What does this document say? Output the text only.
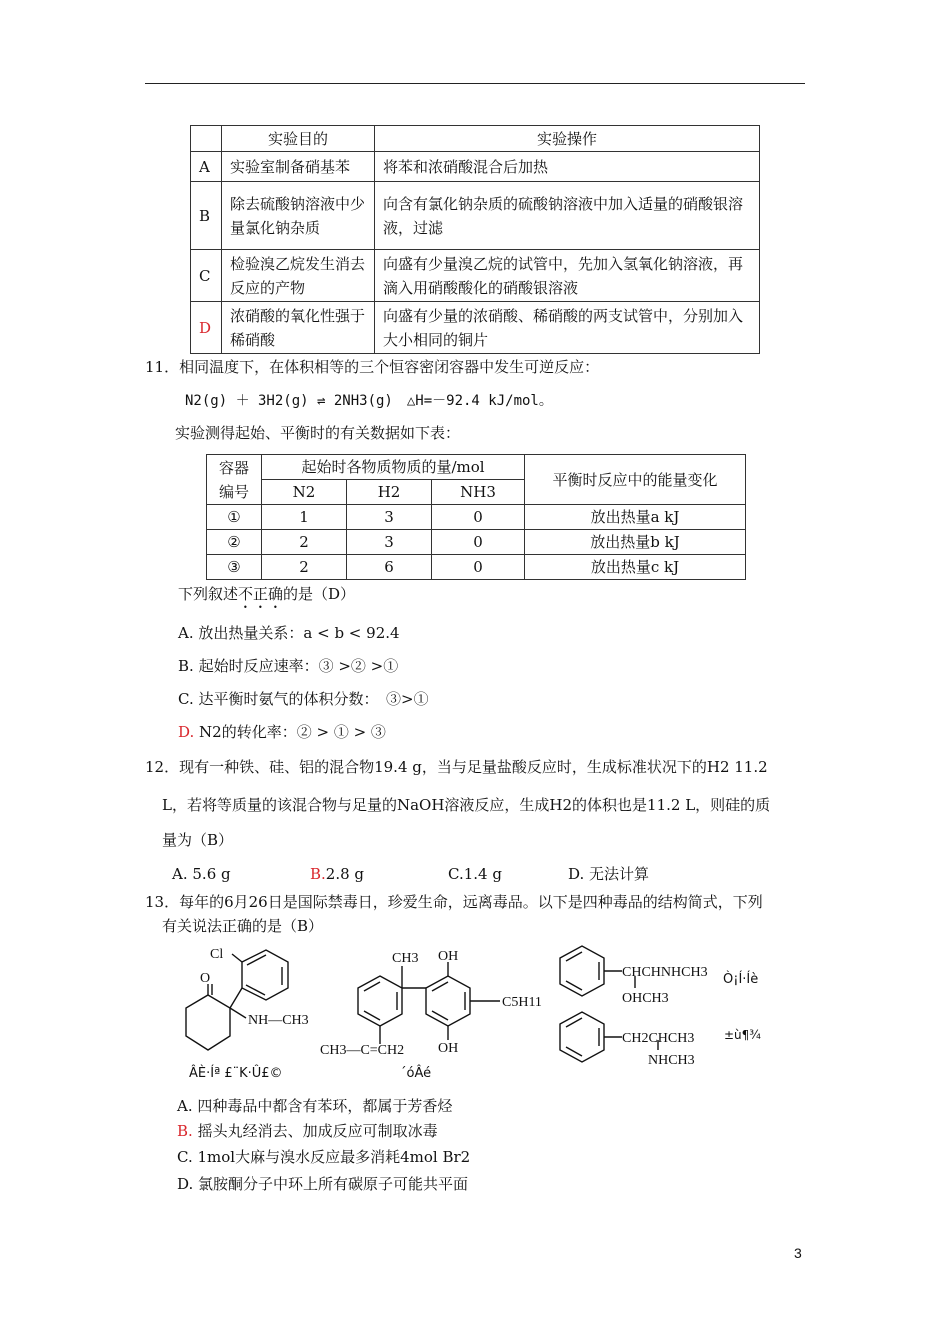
	实验目的	实验操作
A	实验室制备硝基苯	将苯和浓硝酸混合后加热
B	除去硫酸钠溶液中少量氯化钠杂质	向含有氯化钠杂质的硫酸钠溶液中加入适量的硝酸银溶液，过滤
C	检验溴乙烷发生消去反应的产物	向盛有少量溴乙烷的试管中，先加入氢氧化钠溶液，再滴入用硝酸酸化的硝酸银溶液
D	浓硝酸的氧化性强于稀硝酸	向盛有少量的浓硝酸、稀硝酸的两支试管中，分别加入大小相同的铜片
11．相同温度下，在体积相等的三个恒容密闭容器中发生可逆反应：
N2(g) ＋ 3H2(g) ⇌ 2NH3(g)　△H=－92.4 kJ/mol。
实验测得起始、平衡时的有关数据如下表：
容器编号	起始时各物质物质的量/mol			平衡时反应中的能量变化
	N2	H2	NH3	
①	1	3	0	放出热量a kJ
②	2	3	0	放出热量b kJ
③	2	6	0	放出热量c kJ
下列叙述不正确的是（D）
A. 放出热量关系：a < b < 92.4
B. 起始时反应速率：③ >② >①
C. 达平衡时氨气的体积分数：　③>①
D. N2的转化率：② > ① > ③
12．现有一种铁、硅、铝的混合物19.4 g，当与足量盐酸反应时，生成标准状况下的H2 11.2
L，若将等质量的该混合物与足量的NaOH溶液反应，生成H2的体积也是11.2 L，则硅的质
量为（B）
A. 5.6 g	B.2.8 g	C.1.4 g	D. 无法计算
13．每年的6月26日是国际禁毒日，珍爱生命，远离毒品。以下是四种毒品的结构简式，下列
有关说法正确的是（B）
Cl
O
NH—CH3
CH3 OH
C5H11
CH3—C=CH2 OH
CHCHNHCH3
OHCH3
CH2CHCH3
NHCH3
Ò¡Í·Íè
±ù¶¾
ÂÈ·Íª £¨K·Û£©	´óÂé
A. 四种毒品中都含有苯环，都属于芳香烃
B. 摇头丸经消去、加成反应可制取冰毒
C. 1mol大麻与溴水反应最多消耗4mol Br2
D. 氯胺酮分子中环上所有碳原子可能共平面
3
